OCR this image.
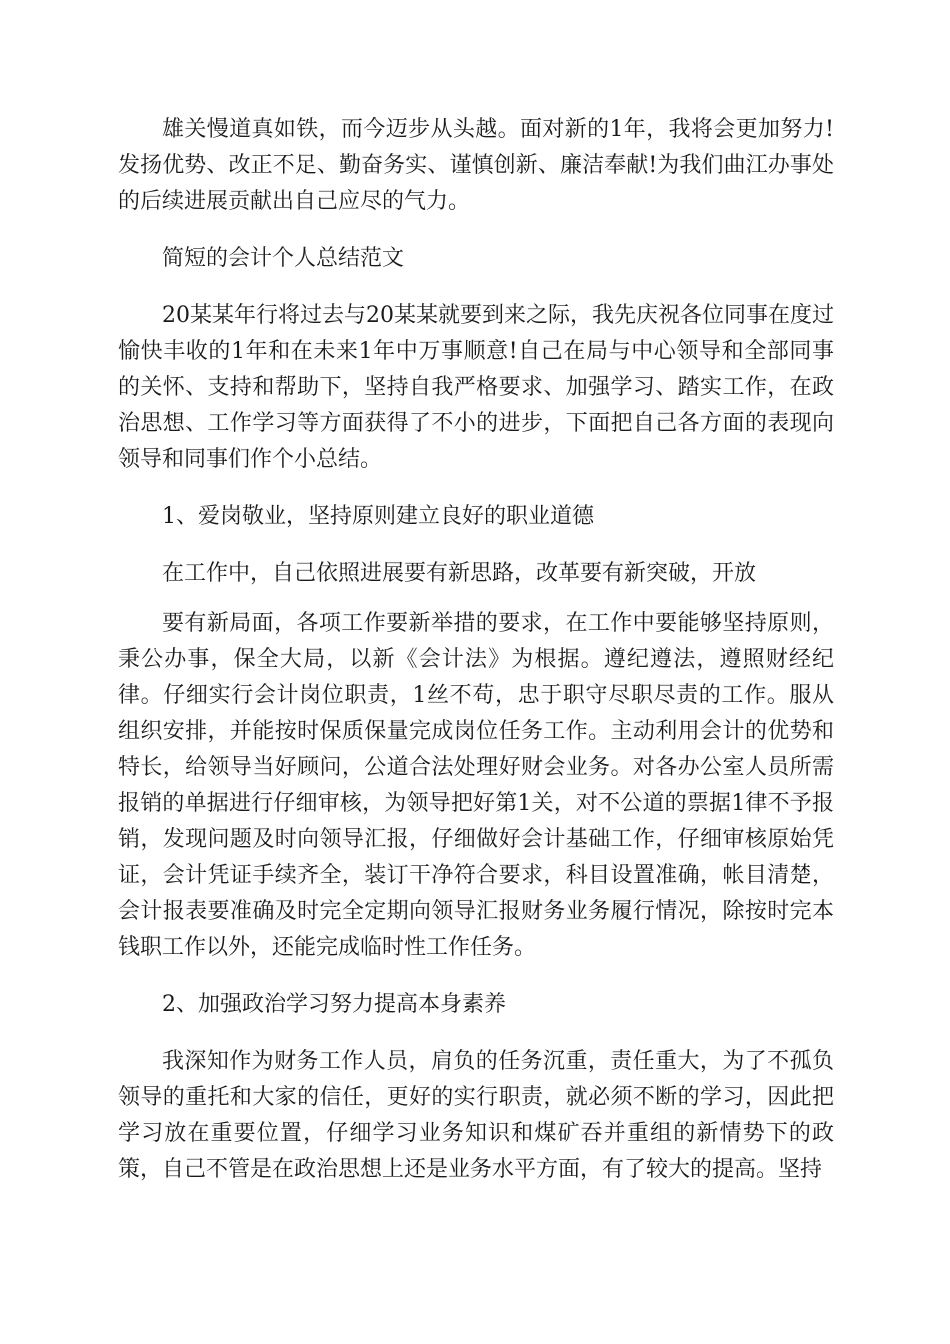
雄关慢道真如铁，而今迈步从头越。面对新的1年，我将会更加努力!发扬优势、改正不足、勤奋务实、谨慎创新、廉洁奉献!为我们曲江办事处的后续进展贡献出自己应尽的气力。

简短的会计个人总结范文

20某某年行将过去与20某某就要到来之际，我先庆祝各位同事在度过愉快丰收的1年和在未来1年中万事顺意!自己在局与中心领导和全部同事的关怀、支持和帮助下，坚持自我严格要求、加强学习、踏实工作，在政治思想、工作学习等方面获得了不小的进步，下面把自己各方面的表现向领导和同事们作个小总结。

1、爱岗敬业，坚持原则建立良好的职业道德

在工作中，自己依照进展要有新思路，改革要有新突破，开放

要有新局面，各项工作要新举措的要求，在工作中要能够坚持原则，秉公办事，保全大局，以新《会计法》为根据。遵纪遵法，遵照财经纪律。仔细实行会计岗位职责，1丝不苟，忠于职守尽职尽责的工作。服从组织安排，并能按时保质保量完成岗位任务工作。主动利用会计的优势和特长，给领导当好顾问，公道合法处理好财会业务。对各办公室人员所需报销的单据进行仔细审核，为领导把好第1关，对不公道的票据1律不予报销，发现问题及时向领导汇报，仔细做好会计基础工作，仔细审核原始凭证，会计凭证手续齐全，装订干净符合要求，科目设置准确，帐目清楚，会计报表要准确及时完全定期向领导汇报财务业务履行情况，除按时完本钱职工作以外，还能完成临时性工作任务。

2、加强政治学习努力提高本身素养

我深知作为财务工作人员，肩负的任务沉重，责任重大，为了不孤负领导的重托和大家的信任，更好的实行职责，就必须不断的学习，因此把学习放在重要位置，仔细学习业务知识和煤矿吞并重组的新情势下的政策，自己不管是在政治思想上还是业务水平方面，有了较大的提高。坚持
